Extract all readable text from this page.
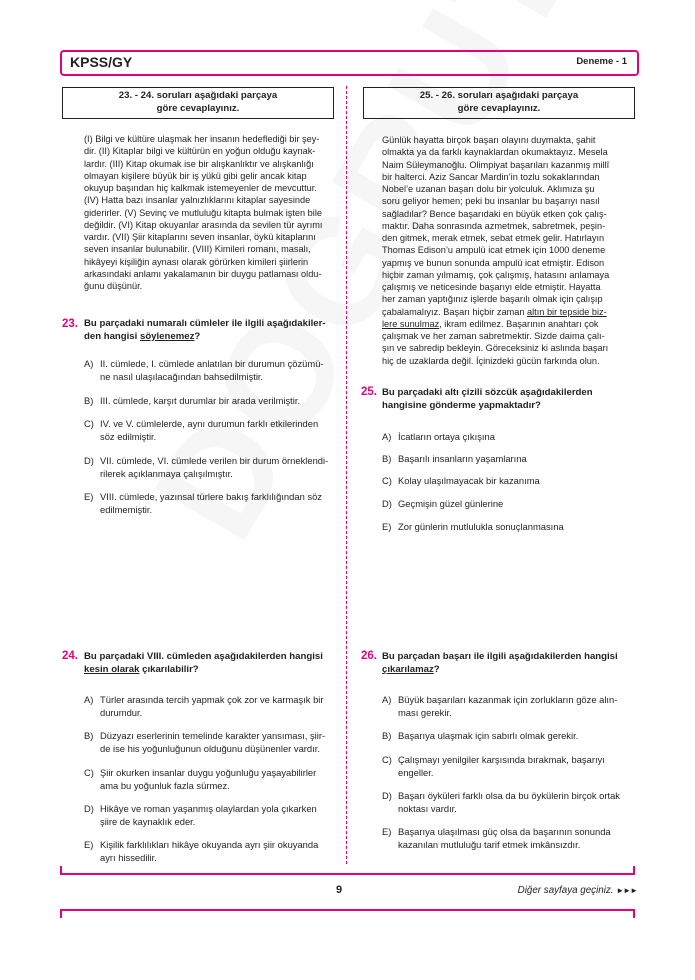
KPSS/GY	Deneme - 1
23. - 24. soruları aşağıdaki parçaya
göre cevaplayınız.
25. - 26. soruları aşağıdaki parçaya
göre cevaplayınız.
(I) Bilgi ve kültüre ulaşmak her insanın hedeflediği bir şey-
dir. (II) Kitaplar bilgi ve kültürün en yoğun olduğu kaynak-
lardır. (III) Kitap okumak ise bir alışkanlıktır ve alışkanlığı
olmayan kişilere büyük bir iş yükü gibi gelir ancak kitap
okuyup başından hiç kalkmak istemeyenler de mevcuttur.
(IV) Hatta bazı insanlar yalnızlıklarını kitaplar sayesinde
giderirler. (V) Sevinç ve mutluluğu kitapta bulmak işten bile
değildir. (VI) Kitap okuyanlar arasında da sevilen tür ayrımı
vardır. (VII) Şiir kitaplarını seven insanlar, öykü kitaplarını
seven insanlar bulunabilir. (VIII) Kimileri romanı, masalı,
hikâyeyi kişiliğin aynası olarak görürken kimileri şiirlerin
arkasındaki anlamı yakalamanın bir duygu patlaması oldu-
ğunu düşünür.
Günlük hayatta birçok başarı olayını duymakta, şahit
olmakta ya da farklı kaynaklardan okumaktayız. Mesela
Naim Süleymanoğlu. Olimpiyat başarıları kazanmış millî
bir halterci. Aziz Sancar Mardin’in tozlu sokaklarından
Nobel’e uzanan başarı dolu bir yolculuk. Aklımıza şu
soru geliyor hemen; peki bu insanlar bu başarıyı nasıl
sağladılar? Bence başarıdaki en büyük etken çok çalış-
maktır. Daha sonrasında azmetmek, sabretmek, peşin-
den gitmek, merak etmek, sebat etmek gelir. Hatırlayın
Thomas Edison’u ampulü icat etmek için 1000 deneme
yapmış ve bunun sonunda ampulü icat etmiştir. Edison
hiçbir zaman yılmamış, çok çalışmış, hatasını anlamaya
çalışmış ve neticesinde başarıyı elde etmiştir. Hayatta
her zaman yaptığınız işlerde başarılı olmak için çalışıp
çabalamalıyız. Başarı hiçbir zaman altın bir tepside biz-
lere sunulmaz, ikram edilmez. Başarının anahtarı çok
çalışmak ve her zaman sabretmektir. Sizde daima çalı-
şın ve sabredip bekleyin. Göreceksiniz ki aslında başarı
hiç de uzaklarda değil. İçinizdeki gücün farkında olun.
23. Bu parçadaki numaralı cümleler ile ilgili aşağıdakiler-
den hangisi söylenemez?
A) II. cümlede, I. cümlede anlatılan bir durumun çözümü-
ne nasıl ulaşılacağından bahsedilmiştir.
B) III. cümlede, karşıt durumlar bir arada verilmiştir.
C) IV. ve V. cümlelerde, aynı durumun farklı etkilerinden
söz edilmiştir.
D) VII. cümlede, VI. cümlede verilen bir durum örneklendi-
rilerek açıklanmaya çalışılmıştır.
E) VIII. cümlede, yazınsal türlere bakış farklılığından söz
edilmemiştir.
24. Bu parçadaki VIII. cümleden aşağıdakilerden hangisi
kesin olarak çıkarılabilir?
A) Türler arasında tercih yapmak çok zor ve karmaşık bir
durumdur.
B) Düzyazı eserlerinin temelinde karakter yansıması, şiir-
de ise his yoğunluğunun olduğunu düşünenler vardır.
C) Şiir okurken insanlar duygu yoğunluğu yaşayabilirler
ama bu yoğunluk fazla sürmez.
D) Hikâye ve roman yaşanmış olaylardan yola çıkarken
şiire de kaynaklık eder.
E) Kişilik farklılıkları hikâye okuyanda ayrı şiir okuyanda
ayrı hissedilir.
25. Bu parçadaki altı çizili sözcük aşağıdakilerden
hangisine gönderme yapmaktadır?
A) İcatların ortaya çıkışına
B) Başarılı insanların yaşamlarına
C) Kolay ulaşılmayacak bir kazanıma
D) Geçmişin güzel günlerine
E) Zor günlerin mutlulukla sonuçlanmasına
26. Bu parçadan başarı ile ilgili aşağıdakilerden hangisi
çıkarılamaz?
A) Büyük başarıları kazanmak için zorlukların göze alın-
ması gerekir.
B) Başarıya ulaşmak için sabırlı olmak gerekir.
C) Çalışmayı yenilgiler karşısında bırakmak, başarıyı
engeller.
D) Başarı öyküleri farklı olsa da bu öykülerin birçok ortak
noktası vardır.
E) Başarıya ulaşılması güç olsa da başarının sonunda
kazanılan mutluluğu tarif etmek imkânsızdır.
9	Diğer sayfaya geçiniz. ►►►
